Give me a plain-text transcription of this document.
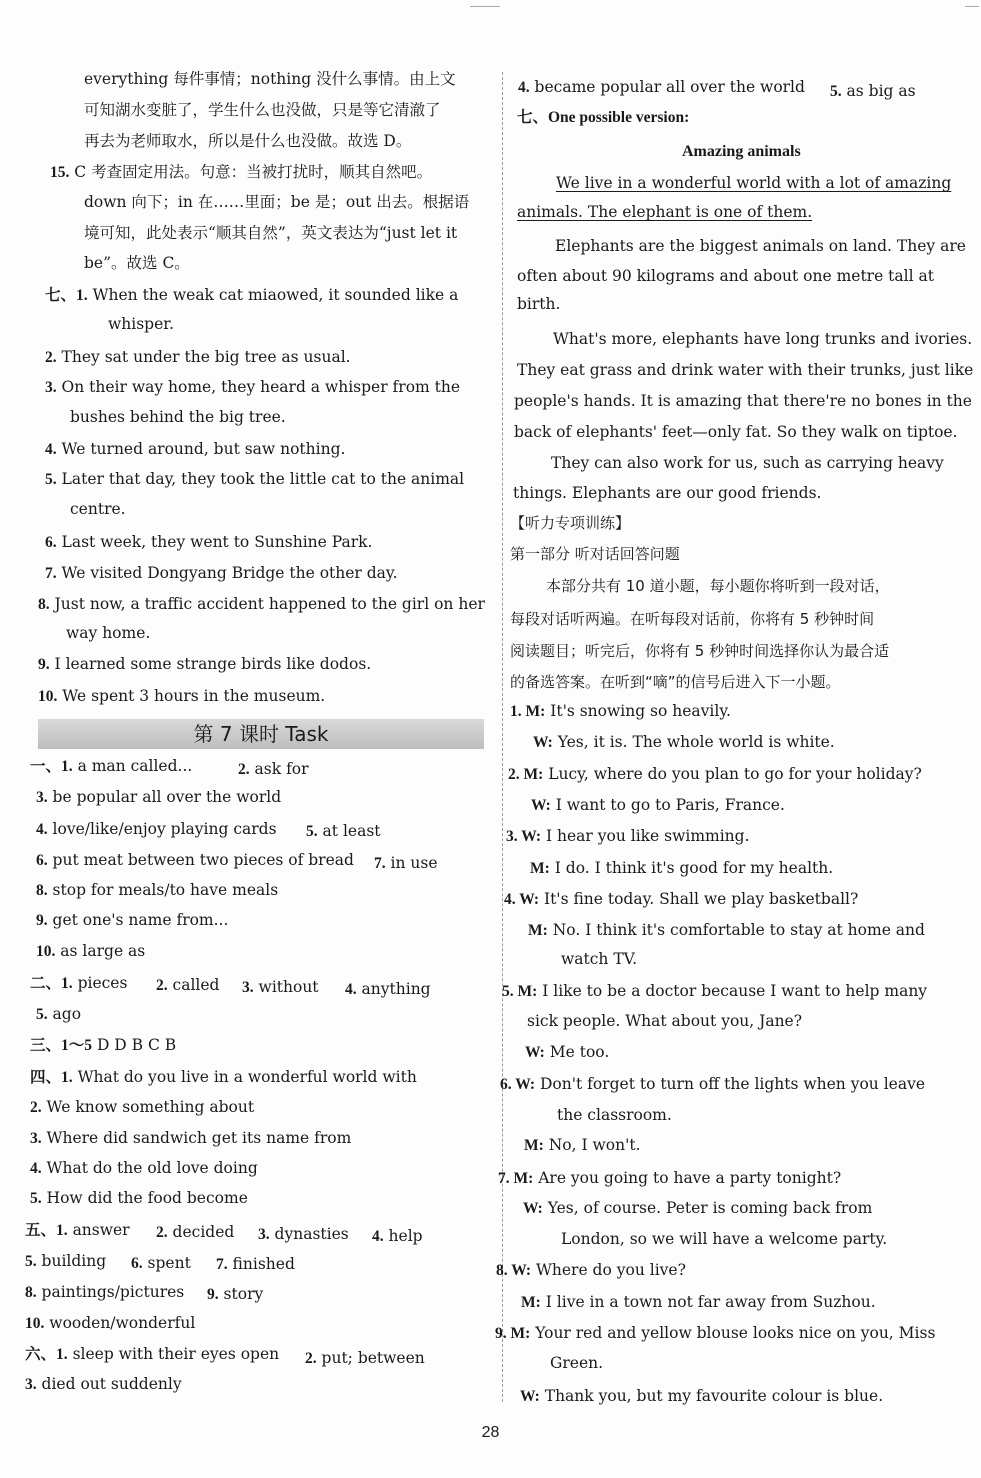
第 7 课时 Task
Amazing animals
28
everything 每件事情；nothing 没什么事情。由上文
可知湖水变脏了，学生什么也没做，只是等它清澈了
再去为老师取水，所以是什么也没做。故选 D。
15. C 考查固定用法。句意：当被打扰时，顺其自然吧。
down 向下；in 在……里面；be 是；out 出去。根据语
境可知，此处表示“顺其自然”，英文表达为“just let it
be”。故选 C。
七、1. When the weak cat miaowed, it sounded like a
whisper.
2. They sat under the big tree as usual.
3. On their way home, they heard a whisper from the
bushes behind the big tree.
4. We turned around, but saw nothing.
5. Later that day, they took the little cat to the animal
centre.
6. Last week, they went to Sunshine Park.
7. We visited Dongyang Bridge the other day.
8. Just now, a traffic accident happened to the girl on her
way home.
9. I learned some strange birds like dodos.
10. We spent 3 hours in the museum.
一、1. a man called...
3. be popular all over the world
4. love/like/enjoy playing cards
6. put meat between two pieces of bread
8. stop for meals/to have meals
9. get one's name from...
10. as large as
二、1. pieces
5. ago
三、1～5 D D B C B
四、1. What do you live in a wonderful world with
2. We know something about
3. Where did sandwich get its name from
4. What do the old love doing
5. How did the food become
五、1. answer
5. building
8. paintings/pictures
10. wooden/wonderful
六、1. sleep with their eyes open
3. died out suddenly
2. ask for
5. at least
7. in use
2. called 3. without 4. anything
2. decided 3. dynasties 4. help
6. spent 7. finished
9. story
2. put; between
4. became popular all over the world
七、One possible version:
We live in a wonderful world with a lot of amazing
animals. The elephant is one of them.
Elephants are the biggest animals on land. They are
often about 90 kilograms and about one metre tall at
birth.
What's more, elephants have long trunks and ivories.
They eat grass and drink water with their trunks, just like
people's hands. It is amazing that there're no bones in the
back of elephants' feet—only fat. So they walk on tiptoe.
They can also work for us, such as carrying heavy
things. Elephants are our good friends.
【听力专项训练】
第一部分 听对话回答问题
本部分共有 10 道小题，每小题你将听到一段对话，
每段对话听两遍。在听每段对话前，你将有 5 秒钟时间
阅读题目；听完后，你将有 5 秒钟时间选择你认为最合适
的备选答案。在听到“嘀”的信号后进入下一小题。
1. M: It's snowing so heavily.
W: Yes, it is. The whole world is white.
2. M: Lucy, where do you plan to go for your holiday?
W: I want to go to Paris, France.
3. W: I hear you like swimming.
M: I do. I think it's good for my health.
4. W: It's fine today. Shall we play basketball?
M: No. I think it's comfortable to stay at home and
watch TV.
5. M: I like to be a doctor because I want to help many
sick people. What about you, Jane?
W: Me too.
6. W: Don't forget to turn off the lights when you leave
the classroom.
M: No, I won't.
7. M: Are you going to have a party tonight?
W: Yes, of course. Peter is coming back from
London, so we will have a welcome party.
8. W: Where do you live?
M: I live in a town not far away from Suzhou.
9. M: Your red and yellow blouse looks nice on you, Miss
Green.
W: Thank you, but my favourite colour is blue.
5. as big as
